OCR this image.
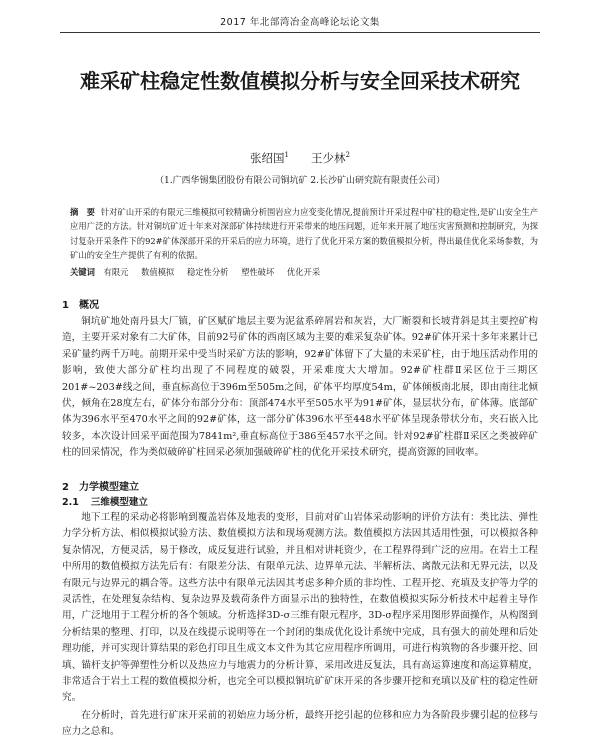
2017 年北部湾冶金高峰论坛论文集
难采矿柱稳定性数值模拟分析与安全回采技术研究
张绍国$^1$ 王少林$^2$
（1.广西华锡集团股份有限公司铜坑矿 2.长沙矿山研究院有限责任公司）
摘　要 针对矿山开采的有限元三维模拟可较精确分析围岩应力应变变化情况,提前预计开采过程中矿柱的稳定性,是矿山安全生产应用广泛的方法。针对铜坑矿近十年来对深部矿体持续进行开采带来的地压问题，近年来开展了地压灾害预测和控制研究，为探讨复杂开采条件下的92#矿体深部开采的开采后的应力环境，进行了优化开采方案的数值模拟分析，得出最佳优化采场参数，为矿山的安全生产提供了有利的依据。
关键词 有限元 数值模拟 稳定性分析 塑性破坏 优化开采
1 概况
铜坑矿地处南丹县大厂镇，矿区赋矿地层主要为泥盆系碎屑岩和灰岩，大厂断裂和长坡背斜是其主要控矿构造，主要开采对象有二大矿体，目前92号矿体的西南区域为主要的难采复杂矿体。92#矿体开采十多年来累计已采矿量约两千万吨。前期开采中受当时采矿方法的影响，92#矿体留下了大量的未采矿柱，由于地压活动作用的影响，致使大部分矿柱均出现了不同程度的破裂，开采难度大大增加。92#矿柱群Ⅱ采区位于三期区201#~203#线之间，垂直标高位于396m至505m之间，矿体平均厚度54m，矿体倾板南北展，即由南往北倾伏，倾角在28度左右，矿体分布部分分布：顶部474水平至505水平为91#矿体，显层状分布，矿体薄。底部矿体为396水平至470水平之间的92#矿体，这一部分矿体396水平至448水平矿体呈现条带状分布，夹石嵌入比较多，本次设计回采平面范围为7841m²,垂直标高位于386至457水平之间。针对92#矿柱群Ⅱ采区之类被碎矿柱的回采情况，作为类似破碎矿柱回采必须加强破碎矿柱的优化开采技术研究，提高资源的回收率。
2 力学模型建立
2.1 三维模型建立
地下工程的采动必将影响到覆盖岩体及地表的变形，目前对矿山岩体采动影响的评价方法有：类比法、弹性力学分析方法、相似模拟试验方法、数值模拟方法和现场观测方法。数值模拟方法因其适用性强，可以模拟各种复杂情况，方便灵活，易于修改，成反复进行试验，并且相对讲耗资少，在工程界得到广泛的应用。在岩土工程中所用的数值模拟方法先后有：有限差分法、有限单元法、边界单元法、半解析法、离散元法和无界元法，以及有限元与边界元的耦合等。这些方法中有限单元法因其考虑多种介质的非均性、工程开挖、充填及支护等力学的灵活性，在处理复杂结构、复杂边界及载荷条件方面显示出的独特性，在数值模拟实际分析技术中起着主导作用，广泛地用于工程分析的各个领域。分析选择3D-σ三维有限元程序，3D-σ程序采用图形界面操作，从构图到分析结果的整理、打印，以及在线提示说明等在一个封闭的集成优化设计系统中完成，具有强大的前处理和后处理功能，并可实现计算结果的彩色打印且生成文本文件为其它应用程序所调用，可进行构筑物的各步骤开挖、回填、锚杆支护等弹塑性分析以及热应力与地震力的分析计算，采用改进反复法，具有高运算速度和高运算精度，非常适合于岩土工程的数值模拟分析，也完全可以模拟铜坑矿矿床开采的各步骤开挖和充填以及矿柱的稳定性研究。
在分析时，首先进行矿床开采前的初始应力场分析，最终开挖引起的位移和应力为各阶段步骤引起的位移与应力之总和。
